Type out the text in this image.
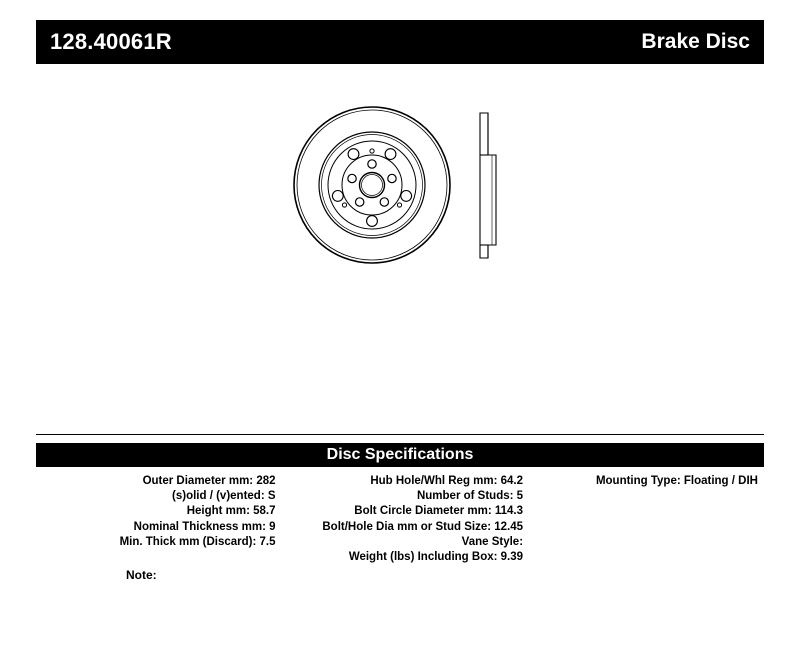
128.40061R	Brake Disc
Disc Specifications
Outer Diameter mm: 282
(s)olid / (v)ented: S
Height mm: 58.7
Nominal Thickness mm: 9
Min. Thick mm (Discard): 7.5
Hub Hole/Whl Reg mm: 64.2
Number of Studs: 5
Bolt Circle Diameter mm: 114.3
Bolt/Hole Dia mm or Stud Size: 12.45
Vane Style:
Weight (lbs) Including Box: 9.39
Mounting Type: Floating / DIH
Note:
